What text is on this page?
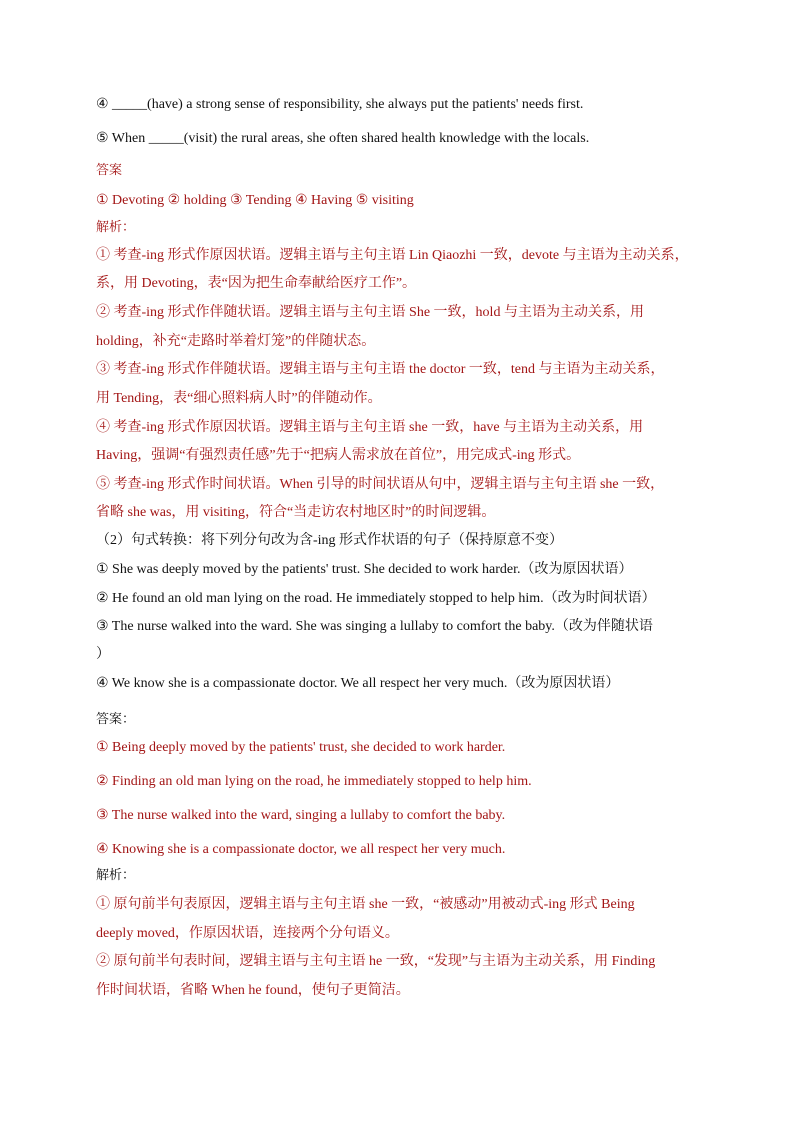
④ _____(have) a strong sense of responsibility, she always put the patients' needs first.
⑤ When _____(visit) the rural areas, she often shared health knowledge with the locals.
答案
① Devoting ② holding ③ Tending ④ Having ⑤ visiting
解析：
① 考查-ing 形式作原因状语。逻辑主语与主句主语 Lin Qiaozhi 一致，devote 与主语为主动关系，
系，用 Devoting，表“因为把生命奉献给医疗工作”。
② 考查-ing 形式作伴随状语。逻辑主语与主句主语 She 一致，hold 与主语为主动关系，用
holding，补充“走路时举着灯笼”的伴随状态。
③ 考查-ing 形式作伴随状语。逻辑主语与主句主语 the doctor 一致，tend 与主语为主动关系，
用 Tending，表“细心照料病人时”的伴随动作。
④ 考查-ing 形式作原因状语。逻辑主语与主句主语 she 一致，have 与主语为主动关系，用
Having，强调“有强烈责任感”先于“把病人需求放在首位”，用完成式-ing 形式。
⑤ 考查-ing 形式作时间状语。When 引导的时间状语从句中，逻辑主语与主句主语 she 一致，
省略 she was，用 visiting，符合“当走访农村地区时”的时间逻辑。
（2）句式转换：将下列分句改为含-ing 形式作状语的句子（保持原意不变）
① She was deeply moved by the patients' trust. She decided to work harder.（改为原因状语）
② He found an old man lying on the road. He immediately stopped to help him.（改为时间状语）
③ The nurse walked into the ward. She was singing a lullaby to comfort the baby.（改为伴随状语
）
④ We know she is a compassionate doctor. We all respect her very much.（改为原因状语）
答案：
① Being deeply moved by the patients' trust, she decided to work harder.
② Finding an old man lying on the road, he immediately stopped to help him.
③ The nurse walked into the ward, singing a lullaby to comfort the baby.
④ Knowing she is a compassionate doctor, we all respect her very much.
解析：
① 原句前半句表原因，逻辑主语与主句主语 she 一致，“被感动”用被动式-ing 形式 Being
deeply moved，作原因状语，连接两个分句语义。
② 原句前半句表时间，逻辑主语与主句主语 he 一致，“发现”与主语为主动关系，用 Finding
作时间状语，省略 When he found，使句子更简洁。
